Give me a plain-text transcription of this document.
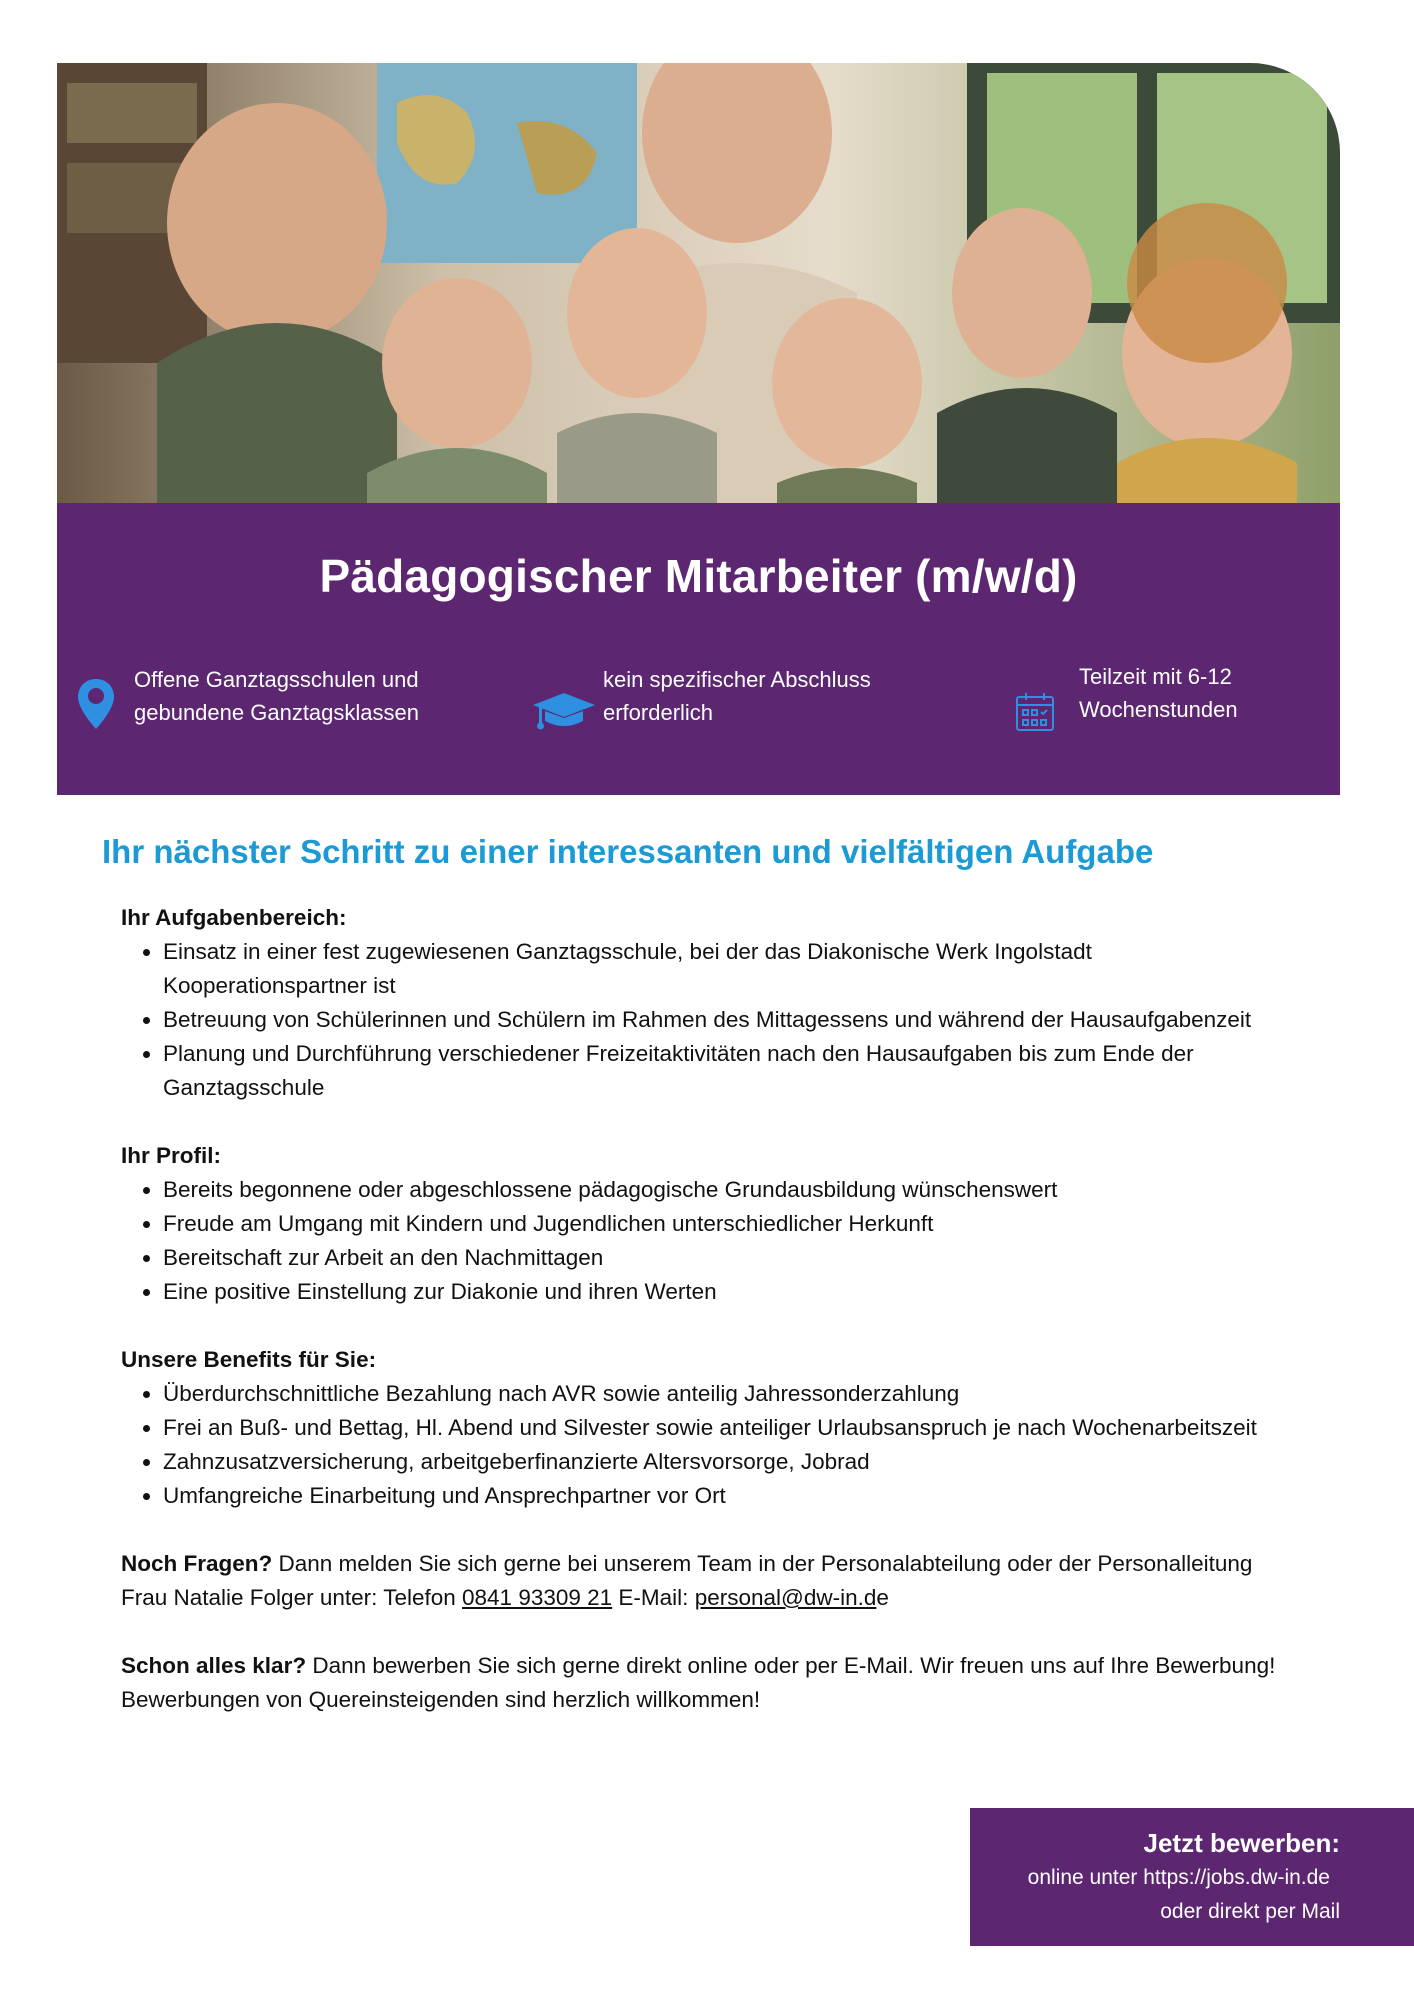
Pädagogischer Mitarbeiter (m/w/d)
Offene Ganztagsschulen und
gebundene Ganztagsklassen
kein spezifischer Abschluss
erforderlich
Teilzeit mit 6-12
Wochenstunden
Ihr nächster Schritt zu einer interessanten und vielfältigen Aufgabe
Ihr Aufgabenbereich:
• Einsatz in einer fest zugewiesenen Ganztagsschule, bei der das Diakonische Werk Ingolstadt Kooperationspartner ist
• Betreuung von Schülerinnen und Schülern im Rahmen des Mittagessens und während der Hausaufgabenzeit
• Planung und Durchführung verschiedener Freizeitaktivitäten nach den Hausaufgaben bis zum Ende der Ganztagsschule
Ihr Profil:
• Bereits begonnene oder abgeschlossene pädagogische Grundausbildung wünschenswert
• Freude am Umgang mit Kindern und Jugendlichen unterschiedlicher Herkunft
• Bereitschaft zur Arbeit an den Nachmittagen
• Eine positive Einstellung zur Diakonie und ihren Werten
Unsere Benefits für Sie:
• Überdurchschnittliche Bezahlung nach AVR sowie anteilig Jahressonderzahlung
• Frei an Buß- und Bettag, Hl. Abend und Silvester sowie anteiliger Urlaubsanspruch je nach Wochenarbeitszeit
• Zahnzusatzversicherung, arbeitgeberfinanzierte Altersvorsorge, Jobrad
• Umfangreiche Einarbeitung und Ansprechpartner vor Ort

Noch Fragen? Dann melden Sie sich gerne bei unserem Team in der Personalabteilung oder der Personalleitung Frau Natalie Folger unter: Telefon 0841 93309 21 E-Mail: personal@dw-in.de

Schon alles klar? Dann bewerben Sie sich gerne direkt online oder per E-Mail. Wir freuen uns auf Ihre Bewerbung! Bewerbungen von Quereinsteigenden sind herzlich willkommen!

Jetzt bewerben:
online unter https://jobs.dw-in.de
oder direkt per Mail
